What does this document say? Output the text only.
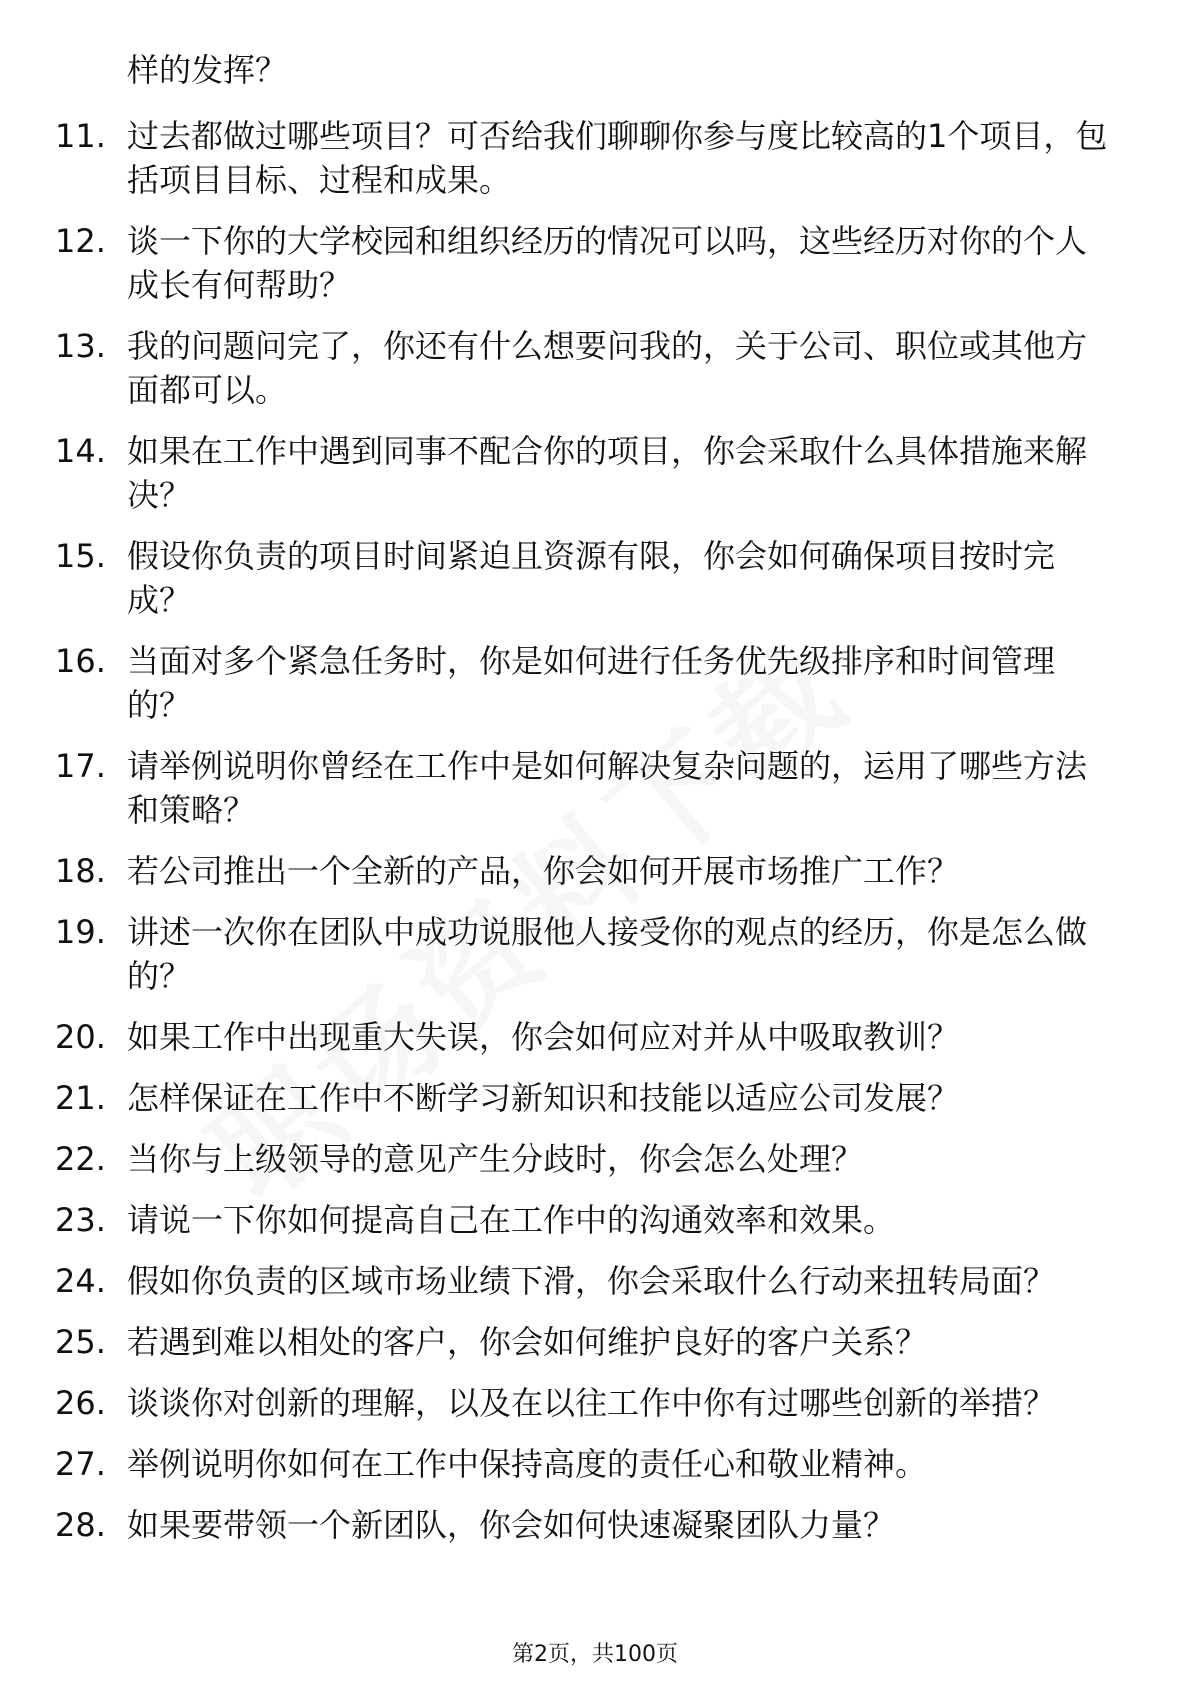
样的发挥？
11. 过去都做过哪些项目？可否给我们聊聊你参与度比较高的1个项目，包括项目目标、过程和成果。
12. 谈一下你的大学校园和组织经历的情况可以吗，这些经历对你的个人成长有何帮助？
13. 我的问题问完了，你还有什么想要问我的，关于公司、职位或其他方面都可以。
14. 如果在工作中遇到同事不配合你的项目，你会采取什么具体措施来解决？
15. 假设你负责的项目时间紧迫且资源有限，你会如何确保项目按时完成？
16. 当面对多个紧急任务时，你是如何进行任务优先级排序和时间管理的？
17. 请举例说明你曾经在工作中是如何解决复杂问题的，运用了哪些方法和策略？
18. 若公司推出一个全新的产品，你会如何开展市场推广工作？
19. 讲述一次你在团队中成功说服他人接受你的观点的经历，你是怎么做的？
20. 如果工作中出现重大失误，你会如何应对并从中吸取教训？
21. 怎样保证在工作中不断学习新知识和技能以适应公司发展？
22. 当你与上级领导的意见产生分歧时，你会怎么处理？
23. 请说一下你如何提高自己在工作中的沟通效率和效果。
24. 假如你负责的区域市场业绩下滑，你会采取什么行动来扭转局面？
25. 若遇到难以相处的客户，你会如何维护良好的客户关系？
26. 谈谈你对创新的理解，以及在以往工作中你有过哪些创新的举措？
27. 举例说明你如何在工作中保持高度的责任心和敬业精神。
28. 如果要带领一个新团队，你会如何快速凝聚团队力量？
第2页，共100页
